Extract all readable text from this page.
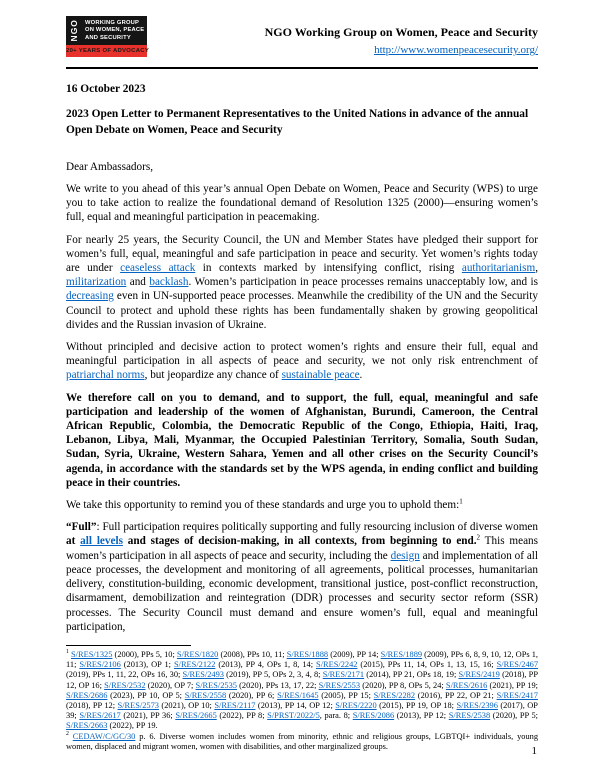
NGO WORKING GROUP
ON WOMEN, PEACE
AND SECURITY
20+ YEARS OF ADVOCACY
NGO Working Group on Women, Peace and Security
http://www.womenpeacesecurity.org/

16 October 2023

2023 Open Letter to Permanent Representatives to the United Nations in advance of the annual Open Debate on Women, Peace and Security

Dear Ambassadors,

We write to you ahead of this year’s annual Open Debate on Women, Peace and Security (WPS) to urge you to take action to realize the foundational demand of Resolution 1325 (2000)—ensuring women’s full, equal and meaningful participation in peacemaking.

For nearly 25 years, the Security Council, the UN and Member States have pledged their support for women’s full, equal, meaningful and safe participation in peace and security. Yet women’s rights today are under ceaseless attack in contexts marked by intensifying conflict, rising authoritarianism, militarization and backlash. Women’s participation in peace processes remains unacceptably low, and is decreasing even in UN-supported peace processes. Meanwhile the credibility of the UN and the Security Council to protect and uphold these rights has been fundamentally shaken by growing geopolitical divides and the Russian invasion of Ukraine.

Without principled and decisive action to protect women’s rights and ensure their full, equal and meaningful participation in all aspects of peace and security, we not only risk entrenchment of patriarchal norms, but jeopardize any chance of sustainable peace.

We therefore call on you to demand, and to support, the full, equal, meaningful and safe participation and leadership of the women of Afghanistan, Burundi, Cameroon, the Central African Republic, Colombia, the Democratic Republic of the Congo, Ethiopia, Haiti, Iraq, Lebanon, Libya, Mali, Myanmar, the Occupied Palestinian Territory, Somalia, South Sudan, Sudan, Syria, Ukraine, Western Sahara, Yemen and all other crises on the Security Council’s agenda, in accordance with the standards set by the WPS agenda, in ending conflict and building peace in their countries.

We take this opportunity to remind you of these standards and urge you to uphold them:$^1$

“Full”: Full participation requires politically supporting and fully resourcing inclusion of diverse women at all levels and stages of decision-making, in all contexts, from beginning to end.$^2$ This means women’s participation in all aspects of peace and security, including the design and implementation of all peace processes, the development and monitoring of all agreements, political processes, humanitarian delivery, constitution-building, economic development, transitional justice, post-conflict reconstruction, disarmament, demobilization and reintegration (DDR) processes and security sector reform (SSR) processes. The Security Council must demand and ensure women’s full, equal and meaningful participation,

$^1$ S/RES/1325 (2000), PPs 5, 10; S/RES/1820 (2008), PPs 10, 11; S/RES/1888 (2009), PP 14; S/RES/1889 (2009), PPs 6, 8, 9, 10, 12, OPs 1, 11; S/RES/2106 (2013), OP 1; S/RES/2122 (2013), PP 4, OPs 1, 8, 14; S/RES/2242 (2015), PPs 11, 14, OPs 1, 13, 15, 16; S/RES/2467 (2019), PPs 1, 11, 22, OPs 16, 30; S/RES/2493 (2019), PP 5, OPs 2, 3, 4, 8; S/RES/2171 (2014), PP 21, OPs 18, 19; S/RES/2419 (2018), PP 12, OP 16; S/RES/2532 (2020), OP 7; S/RES/2535 (2020), PPs 13, 17, 22; S/RES/2553 (2020), PP 8, OPs 5, 24; S/RES/2616 (2021), PP 19; S/RES/2686 (2023), PP 10, OP 5; S/RES/2558 (2020), PP 6; S/RES/1645 (2005), PP 15; S/RES/2282 (2016), PP 22, OP 21; S/RES/2417 (2018), PP 12; S/RES/2573 (2021), OP 10; S/RES/2117 (2013), PP 14, OP 12; S/RES/2220 (2015), PP 19, OP 18; S/RES/2396 (2017), OP 39; S/RES/2617 (2021), PP 36; S/RES/2665 (2022), PP 8; S/PRST/2022/5, para. 8; S/RES/2086 (2013), PP 12; S/RES/2538 (2020), PP 5; S/RES/2663 (2022), PP 19.

$^2$ CEDAW/C/GC/30 p. 6. Diverse women includes women from minority, ethnic and religious groups, LGBTQI+ individuals, young women, displaced and migrant women, women with disabilities, and other marginalized groups.	1
